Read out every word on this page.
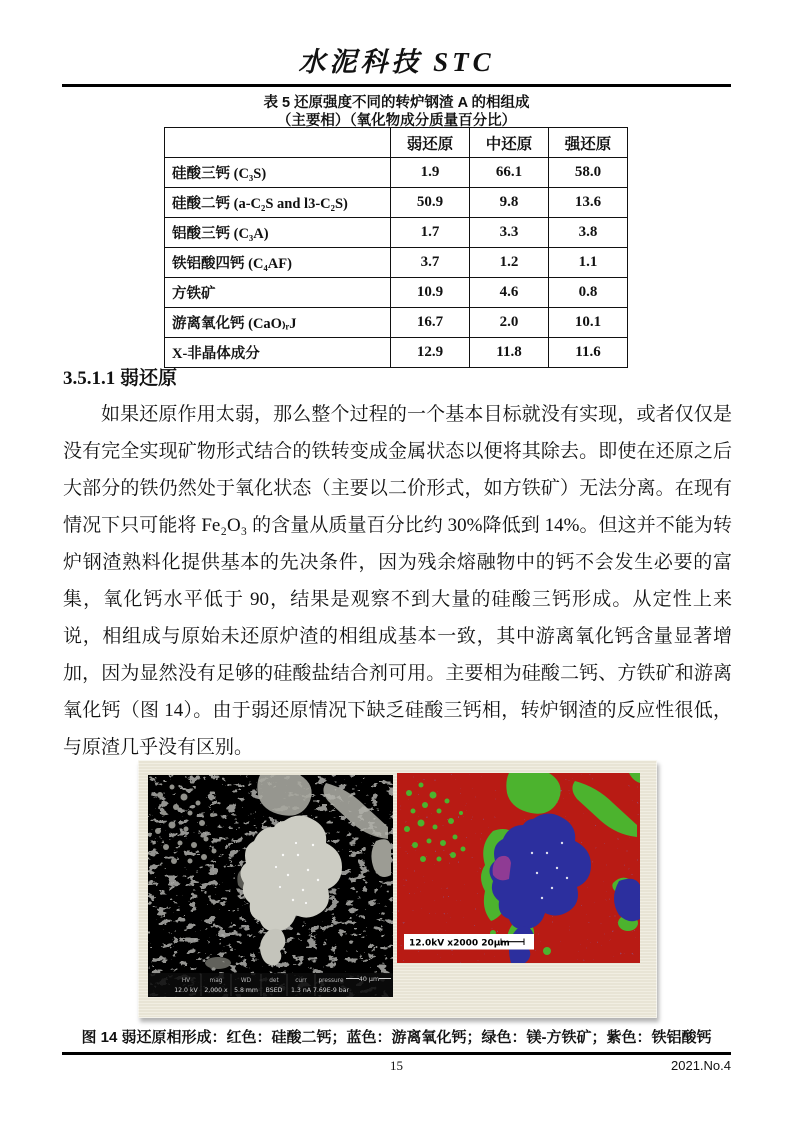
水泥科技 STC
表 5 还原强度不同的转炉钢渣 A 的相组成
（主要相）（氧化物成分质量百分比）
	弱还原	中还原	强还原
硅酸三钙 (C₃S)	1.9	66.1	58.0
硅酸二钙 (a-C₂S and l3-C₂S)	50.9	9.8	13.6
铝酸三钙 (C₃A)	1.7	3.3	3.8
铁铝酸四钙 (C₄AF)	3.7	1.2	1.1
方铁矿	10.9	4.6	0.8
游离氧化钙 (CaO₎ᵣJ	16.7	2.0	10.1
X-非晶体成分	12.9	11.8	11.6
3.5.1.1 弱还原

如果还原作用太弱，那么整个过程的一个基本目标就没有实现，或者仅仅是没有完全实现矿物形式结合的铁转变成金属状态以便将其除去。即使在还原之后大部分的铁仍然处于氧化状态（主要以二价形式，如方铁矿）无法分离。在现有情况下只可能将 Fe₂O₃ 的含量从质量百分比约 30%降低到 14%。但这并不能为转炉钢渣熟料化提供基本的先决条件，因为残余熔融物中的钙不会发生必要的富集，氧化钙水平低于 90，结果是观察不到大量的硅酸三钙形成。从定性上来说，相组成与原始未还原炉渣的相组成基本一致，其中游离氧化钙含量显著增加，因为显然没有足够的硅酸盐结合剂可用。主要相为硅酸二钙、方铁矿和游离氧化钙（图 14）。由于弱还原情况下缺乏硅酸三钙相，转炉钢渣的反应性很低，与原渣几乎没有区别。

HV	mag	WD	det	curr pressure
12.0 kV 2,000 x 5.8 mm BSED 1.3 nA 7.69E-9 bar
40 μm
12.0kV x2000 20μm
图 14 弱还原相形成：红色：硅酸二钙；蓝色：游离氧化钙；绿色：镁-方铁矿；紫色：铁铝酸钙
15	2021.No.4
